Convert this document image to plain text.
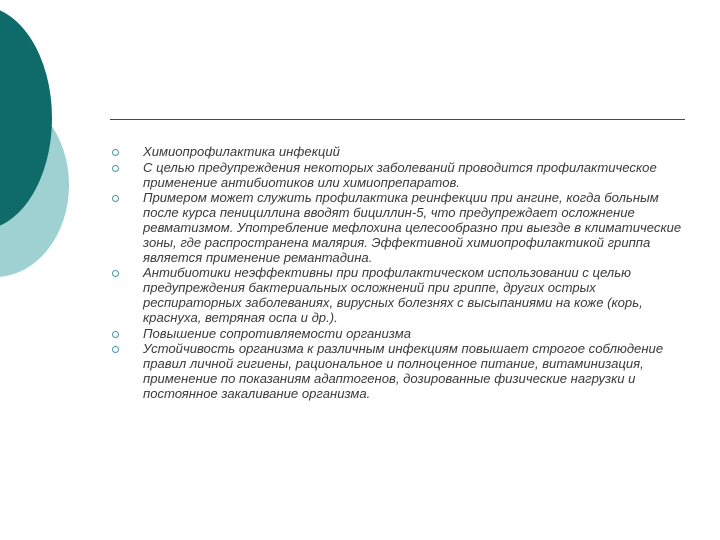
Химиопрофилактика инфекций
С целью предупреждения некоторых заболеваний проводится профилактическое применение антибиотиков или химиопрепаратов.
Примером может служить профилактика реинфекции при ангине, когда больным после курса пенициллина вводят бициллин-5, что предупреждает осложнение ревматизмом. Употребление мефлохина целесообразно при выезде в климатические зоны, где распространена малярия. Эффективной химиопрофилактикой гриппа является применение ремантадина.
Антибиотики неэффективны при профилактическом использовании с целью предупреждения бактериальных осложнений при гриппе, других острых респираторных заболеваниях, вирусных болезнях с высыпаниями на коже (корь, краснуха, ветряная оспа и др.).
Повышение сопротивляемости организма
Устойчивость организма к различным инфекциям повышает строгое соблюдение правил личной гигиены, рациональное и полноценное питание, витаминизация, применение по показаниям адаптогенов, дозированные физические нагрузки и постоянное закаливание организма.
